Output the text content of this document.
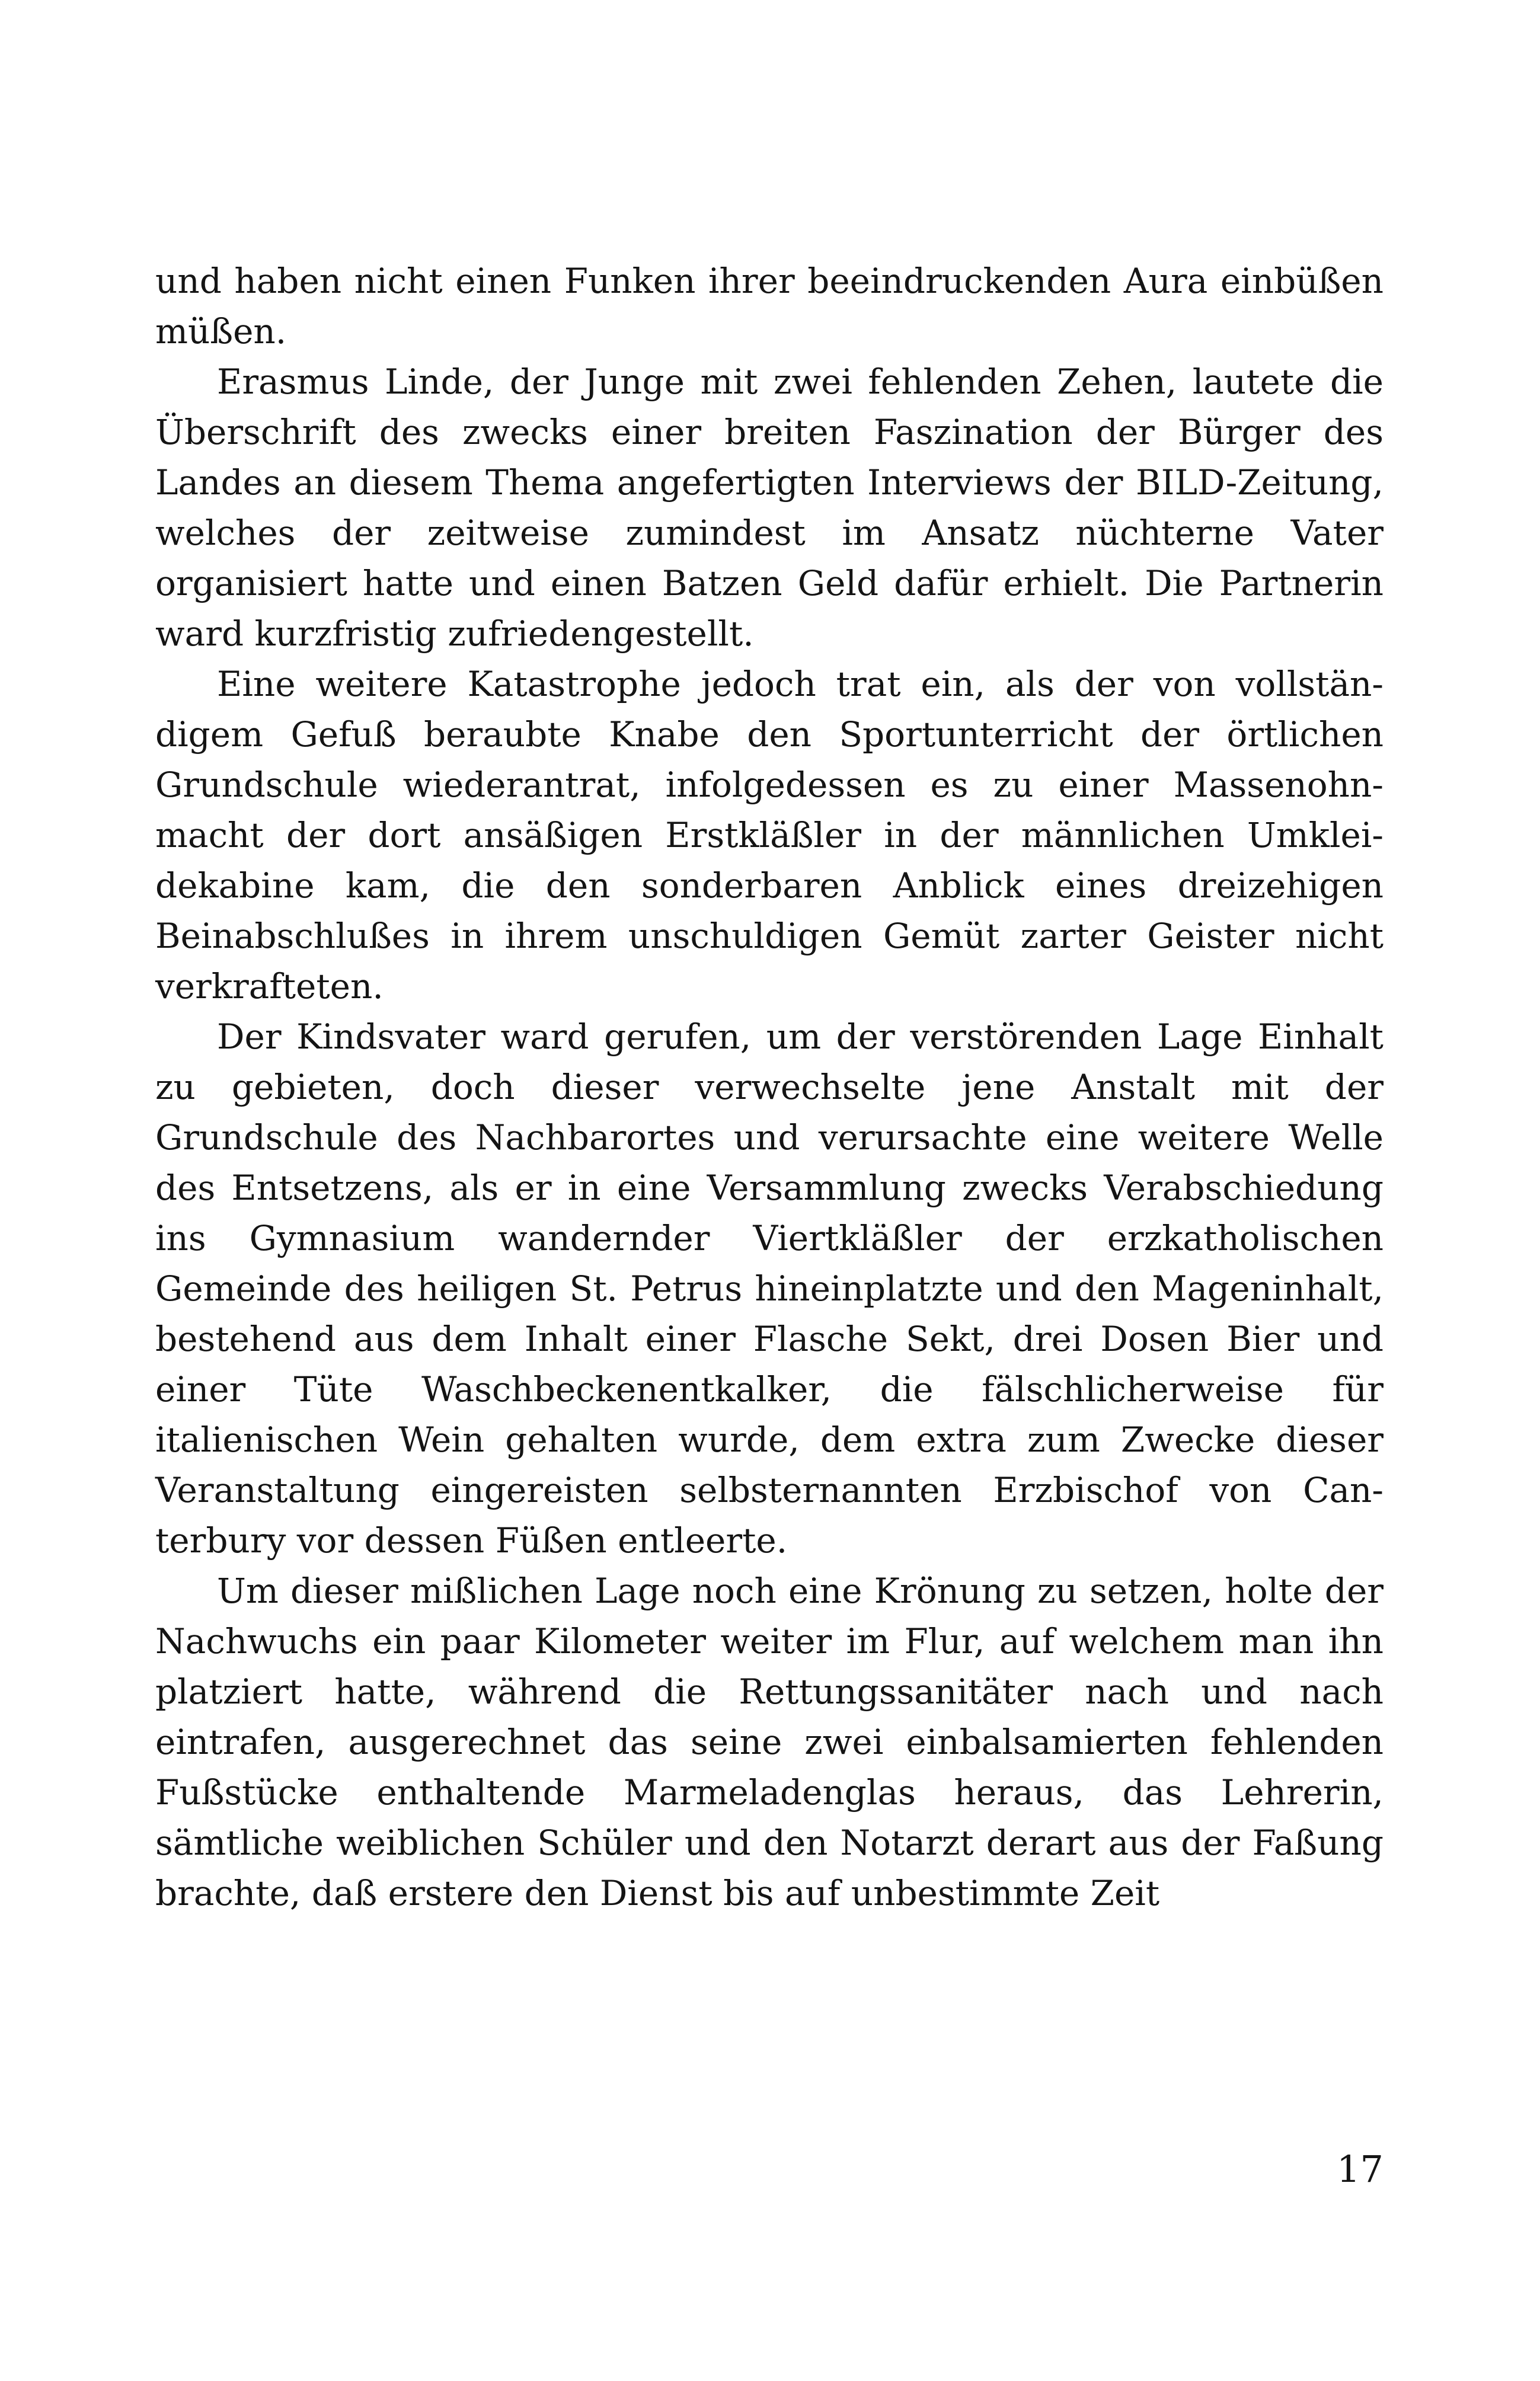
und haben nicht einen Funken ihrer beeindruckenden Aura einbüßen müßen.

Erasmus Linde, der Junge mit zwei fehlenden Zehen, lautete die Überschrift des zwecks einer breiten Faszination der Bürger des Landes an diesem Thema angefertigten Interviews der BILD-Zeitung, welches der zeitweise zumindest im Ansatz nüchterne Vater organisiert hatte und einen Batzen Geld dafür erhielt. Die Partnerin ward kurzfristig zufriedengestellt.

Eine weitere Katastrophe jedoch trat ein, als der von vollständigem Gefuß beraubte Knabe den Sportunterricht der örtlichen Grundschule wiederantrat, infolgedessen es zu einer Massenohnmacht der dort ansäßigen Erstkläßler in der männlichen Umkleidekabine kam, die den sonderbaren Anblick eines dreizehigen Beinabschlußes in ihrem unschuldigen Gemüt zarter Geister nicht verkrafteten.

Der Kindsvater ward gerufen, um der verstörenden Lage Einhalt zu gebieten, doch dieser verwechselte jene Anstalt mit der Grundschule des Nachbarortes und verursachte eine weitere Welle des Entsetzens, als er in eine Versammlung zwecks Verabschiedung ins Gymnasium wandernder Viertkläßler der erzkatholischen Gemeinde des heiligen St. Petrus hineinplatzte und den Mageninhalt, bestehend aus dem Inhalt einer Flasche Sekt, drei Dosen Bier und einer Tüte Waschbeckenentkalker, die fälschlicherweise für italienischen Wein gehalten wurde, dem extra zum Zwecke dieser Veranstaltung eingereisten selbsternannten Erzbischof von Canterbury vor dessen Füßen entleerte.

Um dieser mißlichen Lage noch eine Krönung zu setzen, holte der Nachwuchs ein paar Kilometer weiter im Flur, auf welchem man ihn platziert hatte, während die Rettungssanitäter nach und nach eintrafen, ausgerechnet das seine zwei einbalsamierten fehlenden Fußstücke enthaltende Marmeladenglas heraus, das Lehrerin, sämtliche weiblichen Schüler und den Notarzt derart aus der Faßung brachte, daß erstere den Dienst bis auf unbestimmte Zeit

17
